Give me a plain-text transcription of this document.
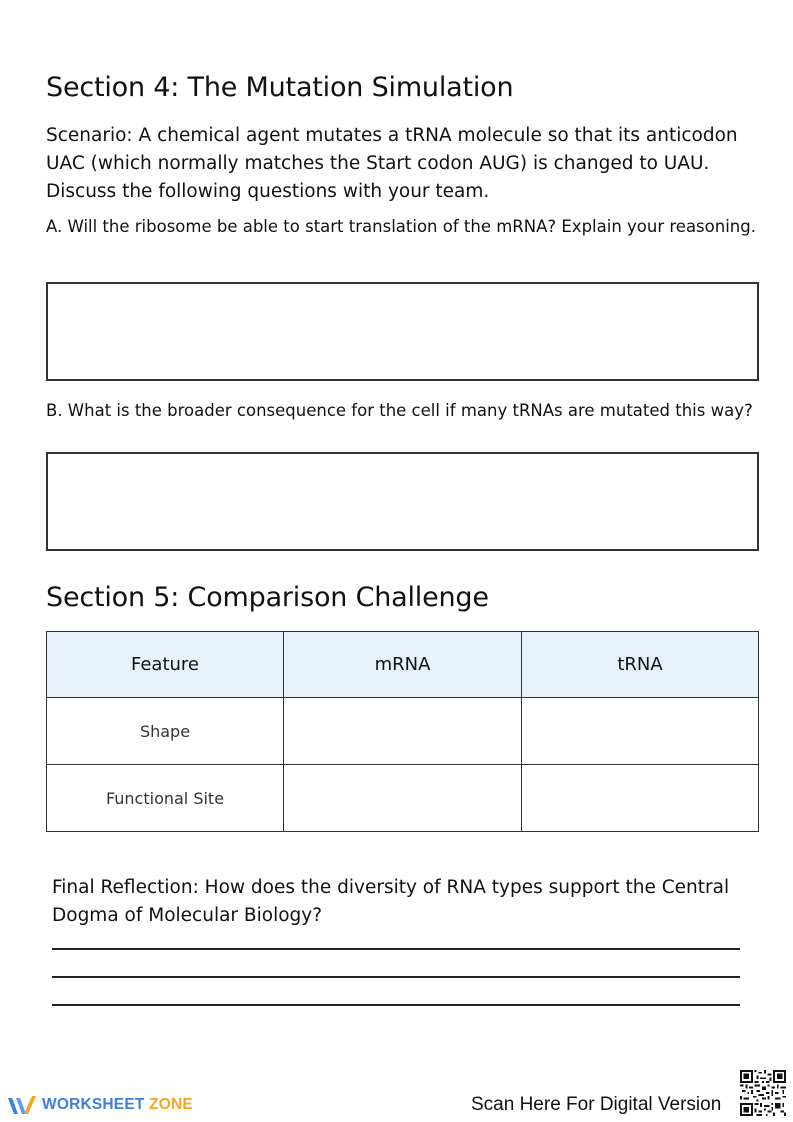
Section 4: The Mutation Simulation
Scenario: A chemical agent mutates a tRNA molecule so that its anticodon UAC (which normally matches the Start codon AUG) is changed to UAU. Discuss the following questions with your team.
A. Will the ribosome be able to start translation of the mRNA? Explain your reasoning.
B. What is the broader consequence for the cell if many tRNAs are mutated this way?
Section 5: Comparison Challenge
Feature	mRNA	tRNA
Shape		
Functional Site		
Final Reflection: How does the diversity of RNA types support the Central Dogma of Molecular Biology?
WORKSHEET ZONE	Scan Here For Digital Version
